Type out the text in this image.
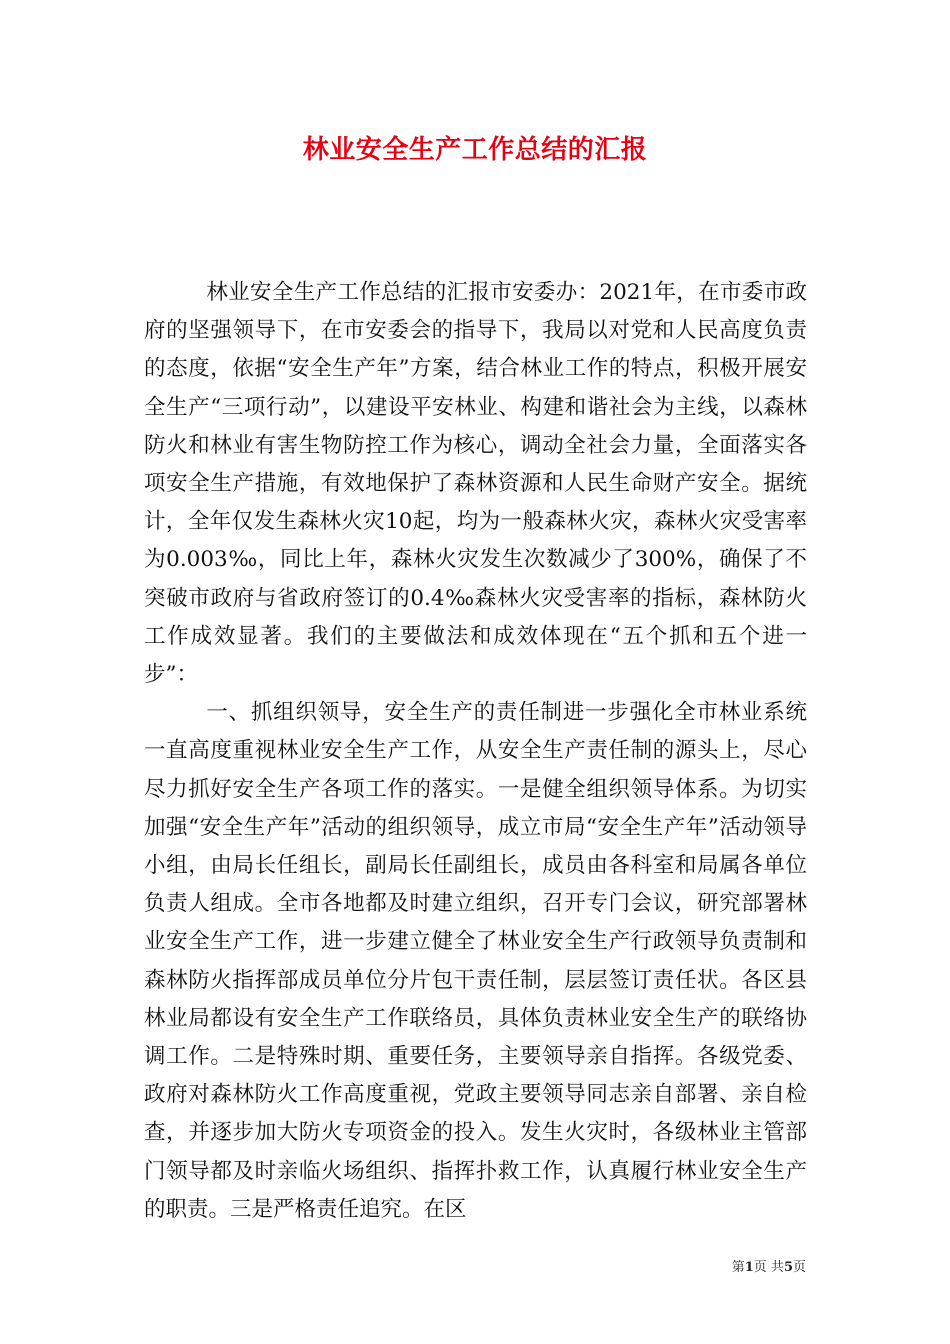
林业安全生产工作总结的汇报

林业安全生产工作总结的汇报市安委办：2021年，在市委市政府的坚强领导下，在市安委会的指导下，我局以对党和人民高度负责的态度，依据“安全生产年”方案，结合林业工作的特点，积极开展安全生产“三项行动”，以建设平安林业、构建和谐社会为主线，以森林防火和林业有害生物防控工作为核心，调动全社会力量，全面落实各项安全生产措施，有效地保护了森林资源和人民生命财产安全。据统计，全年仅发生森林火灾10起，均为一般森林火灾，森林火灾受害率为0.003‰，同比上年，森林火灾发生次数减少了300%，确保了不突破市政府与省政府签订的0.4‰森林火灾受害率的指标，森林防火工作成效显著。我们的主要做法和成效体现在“五个抓和五个进一步”：

一、抓组织领导，安全生产的责任制进一步强化全市林业系统一直高度重视林业安全生产工作，从安全生产责任制的源头上，尽心尽力抓好安全生产各项工作的落实。一是健全组织领导体系。为切实加强“安全生产年”活动的组织领导，成立市局“安全生产年”活动领导小组，由局长任组长，副局长任副组长，成员由各科室和局属各单位负责人组成。全市各地都及时建立组织，召开专门会议，研究部署林业安全生产工作，进一步建立健全了林业安全生产行政领导负责制和森林防火指挥部成员单位分片包干责任制，层层签订责任状。各区县林业局都设有安全生产工作联络员，具体负责林业安全生产的联络协调工作。二是特殊时期、重要任务，主要领导亲自指挥。各级党委、政府对森林防火工作高度重视，党政主要领导同志亲自部署、亲自检查，并逐步加大防火专项资金的投入。发生火灾时，各级林业主管部门领导都及时亲临火场组织、指挥扑救工作，认真履行林业安全生产的职责。三是严格责任追究。在区

第1页 共5页
